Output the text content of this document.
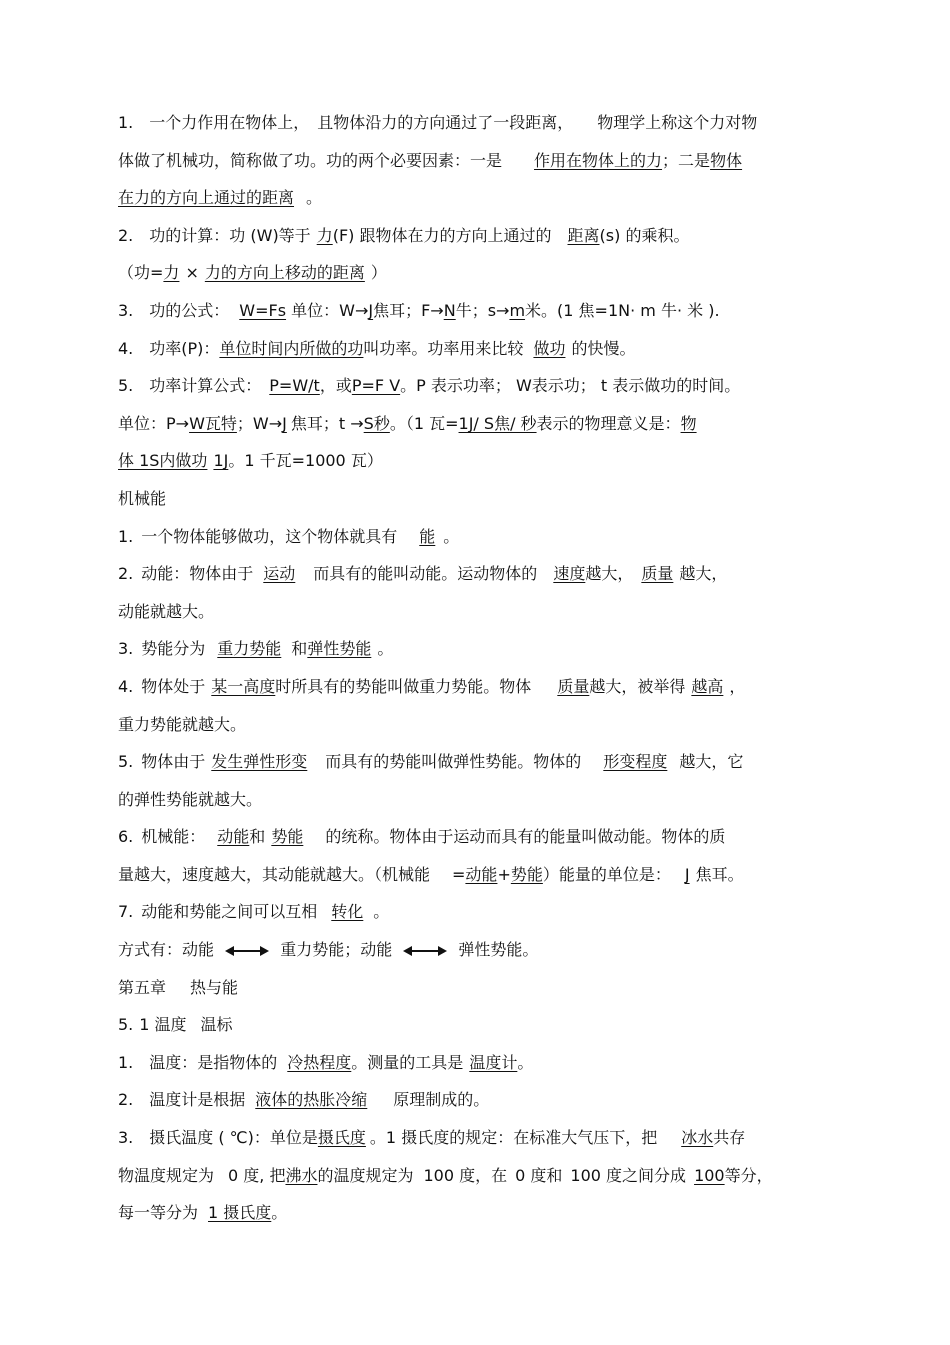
1.　一个力作用在物体上，　且物体沿力的方向通过了一段距离，　　物理学上称这个力对物
体做了机械功，简称做了功。功的两个必要因素：一是　　 作用在物体上的力；二是物体
在力的方向上通过的距离 。
2.　功的计算：功 (W)等于 力(F) 跟物体在力的方向上通过的　 距离(s) 的乘积。
（功=力 × 力的方向上移动的距离 ）
3.　功的公式： W=Fs 单位：W→J焦耳；F→N牛；s→m米。(1 焦=1N· m 牛· 米 ).
4.　功率(P)：单位时间内所做的功叫功率。功率用来比较 做功 的快慢。
5.　功率计算公式： P=W/t，或P=F V。P 表示功率； W表示功； t 表示做功的时间。
单位：P→W瓦特；W→J 焦耳；t →S秒。（1 瓦=1J/ S焦/ 秒表示的物理意义是：物
体 1S内做功 1J。1 千瓦=1000 瓦）
机械能
1. 一个物体能够做功，这个物体就具有 能 。
2. 动能：物体由于 运动 而具有的能叫动能。运动物体的 速度越大， 质量 越大，
动能就越大。
3. 势能分为 重力势能 和弹性势能 。
4. 物体处于 某一高度时所具有的势能叫做重力势能。物体 质量越大，被举得 越高 ，
重力势能就越大。
5. 物体由于 发生弹性形变 而具有的势能叫做弹性势能。物体的 形变程度 越大，它
的弹性势能就越大。
6. 机械能： 动能和 势能 的统称。物体由于运动而具有的能量叫做动能。物体的质
量越大，速度越大，其动能就越大。（机械能 =动能+势能）能量的单位是： J 焦耳。
7. 动能和势能之间可以互相 转化 。
方式有：动能	重力势能；动能	弹性势能。
第五章 热与能
5. 1 温度 温标
1.　温度：是指物体的 冷热程度。测量的工具是 温度计。
2.　温度计是根据 液体的热胀冷缩 原理制成的。
3.　摄氏温度 ( ℃)：单位是摄氏度 。1 摄氏度的规定：在标准大气压下，把 冰水共存
物温度规定为 0 度, 把沸水的温度规定为 100 度，在 0 度和 100 度之间分成 100等分，
每一等分为 1 摄氏度。
